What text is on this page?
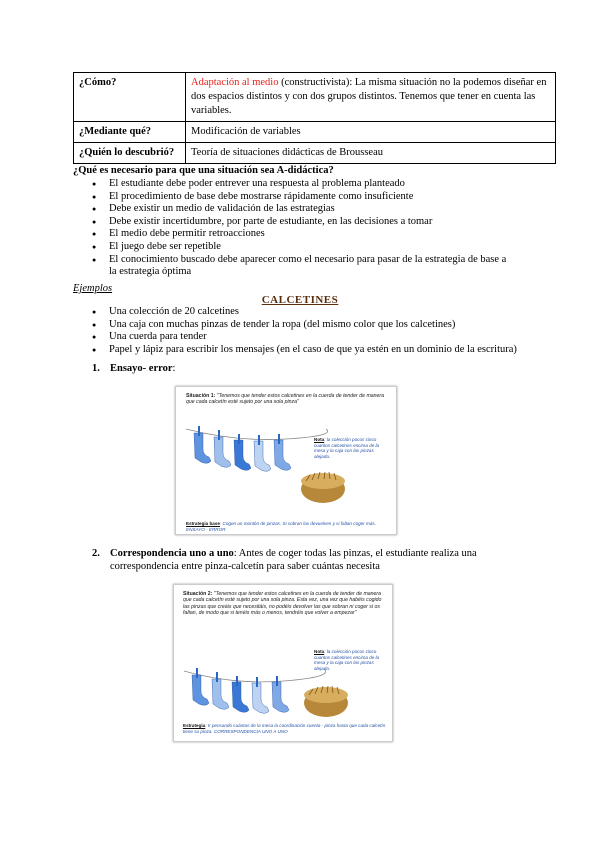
¿Cómo?	Adaptación al medio (constructivista): La misma situación no la podemos diseñar en dos espacios distintos y con dos grupos distintos. Tenemos que tener en cuenta las variables.
¿Mediante qué?	Modificación de variables
¿Quién lo descubrió?	Teoría de situaciones didácticas de Brousseau
¿Qué es necesario para que una situación sea A-didáctica?
● El estudiante debe poder entrever una respuesta al problema planteado
● El procedimiento de base debe mostrarse rápidamente como insuficiente
● Debe existir un medio de validación de las estrategias
● Debe existir incertidumbre, por parte de estudiante, en las decisiones a tomar
● El medio debe permitir retroacciones
● El juego debe ser repetible
● El conocimiento buscado debe aparecer como el necesario para pasar de la estrategia de base a la estrategia óptima
Ejemplos
CALCETINES
● Una colección de 20 calcetines
● Una caja con muchas pinzas de tender la ropa (del mismo color que los calcetines)
● Una cuerda para tender
● Papel y lápiz para escribir los mensajes (en el caso de que ya estén en un dominio de la escritura)
1. Ensayo- error:
Situación 1: "Tenemos que tender estos calcetines en la cuerda de tender de manera que cada calcetín esté sujeto por una sola pinza"
Nota: la colección pocos cinco cuantos calcetines encima de la mesa y la caja con las pinzas alejada.
Estrategia base: Cogen un montón de pinzas. Si sobran las devuelven y si faltan coger más. ENSAYO - ERROR
2. Correspondencia uno a uno: Antes de coger todas las pinzas, el estudiante realiza una correspondencia entre pinza-calcetín para saber cuántas necesita
Situación 2: "Tenemos que tender estos calcetines en la cuerda de tender de manera que cada calcetín esté sujeto por una sola pinza. Esta vez, una vez que habéis cogido las pinzas que creáis que necesitáis, no podéis devolver las que sobran ni coger si os faltan, de modo que si tenéis más o menos, tendréis que volver a empezar"
Nota: la colección pocos cinco cuantos calcetines encima de la mesa y la caja con las pinzas alejada.
Estrategia: Ir pensando cuántas de la mesa la coordinación cuenta - pinza hasta que cada calcetín tiene su pinza. CORRESPONDENCIA UNO A UNO
